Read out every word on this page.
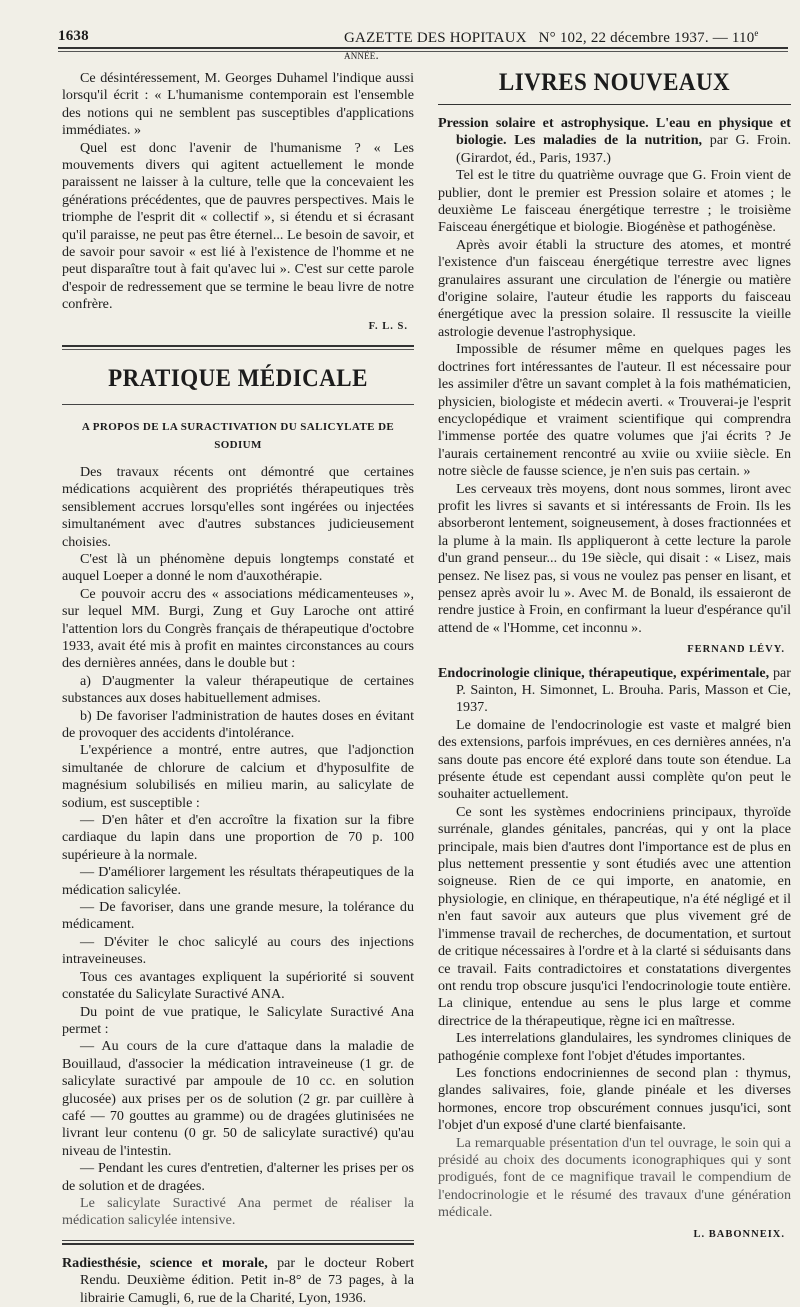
1638	GAZETTE DES HOPITAUX N° 102, 22 décembre 1937. — 110e année.

Ce désintéressement, M. Georges Duhamel l'indique aussi lorsqu'il écrit : « L'humanisme contemporain est l'ensemble des notions qui ne semblent pas susceptibles d'applications immédiates. »

Quel est donc l'avenir de l'humanisme ? « Les mouvements divers qui agitent actuellement le monde paraissent ne laisser à la culture, telle que la concevaient les générations précédentes, que de pauvres perspectives. Mais le triomphe de l'esprit dit « collectif », si étendu et si écrasant qu'il paraisse, ne peut pas être éternel... Le besoin de savoir, et de savoir pour savoir « est lié à l'existence de l'homme et ne peut disparaître tout à fait qu'avec lui ». C'est sur cette parole d'espoir de redressement que se termine le beau livre de notre confrère.

F. L. S.
PRATIQUE MÉDICALE
A PROPOS DE LA SURACTIVATION DU SALICYLATE DE SODIUM

Des travaux récents ont démontré que certaines médications acquièrent des propriétés thérapeutiques très sensiblement accrues lorsqu'elles sont ingérées ou injectées simultanément avec d'autres substances judicieusement choisies.

C'est là un phénomène depuis longtemps constaté et auquel Loeper a donné le nom d'auxothérapie.

Ce pouvoir accru des « associations médicamenteuses », sur lequel MM. Burgi, Zung et Guy Laroche ont attiré l'attention lors du Congrès français de thérapeutique d'octobre 1933, avait été mis à profit en maintes circonstances au cours des dernières années, dans le double but :

a) D'augmenter la valeur thérapeutique de certaines substances aux doses habituellement admises.

b) De favoriser l'administration de hautes doses en évitant de provoquer des accidents d'intolérance.

L'expérience a montré, entre autres, que l'adjonction simultanée de chlorure de calcium et d'hyposulfite de magnésium solubilisés en milieu marin, au salicylate de sodium, est susceptible :

— D'en hâter et d'en accroître la fixation sur la fibre cardiaque du lapin dans une proportion de 70 p. 100 supérieure à la normale.

— D'améliorer largement les résultats thérapeutiques de la médication salicylée.

— De favoriser, dans une grande mesure, la tolérance du médicament.

— D'éviter le choc salicylé au cours des injections intraveineuses.

Tous ces avantages expliquent la supériorité si souvent constatée du Salicylate Suractivé ANA.

Du point de vue pratique, le Salicylate Suractivé Ana permet :

— Au cours de la cure d'attaque dans la maladie de Bouillaud, d'associer la médication intraveineuse (1 gr. de salicylate suractivé par ampoule de 10 cc. en solution glucosée) aux prises per os de solution (2 gr. par cuillère à café — 70 gouttes au gramme) ou de dragées glutinisées ne livrant leur contenu (0 gr. 50 de salicylate suractivé) qu'au niveau de l'intestin.

— Pendant les cures d'entretien, d'alterner les prises per os de solution et de dragées.

Le salicylate Suractivé Ana permet de réaliser la médication salicylée intensive.

Radiesthésie, science et morale, par le docteur Robert Rendu. Deuxième édition. Petit in-8° de 73 pages, à la librairie Camugli, 6, rue de la Charité, Lyon, 1936.

LIVRES NOUVEAUX

Pression solaire et astrophysique. L'eau en physique et biologie. Les maladies de la nutrition, par G. Froin. (Girardot, éd., Paris, 1937.)

Tel est le titre du quatrième ouvrage que G. Froin vient de publier, dont le premier est Pression solaire et atomes ; le deuxième Le faisceau énergétique terrestre ; le troisième Faisceau énergétique et biologie. Biogénèse et pathogénèse.

Après avoir établi la structure des atomes, et montré l'existence d'un faisceau énergétique terrestre avec lignes granulaires assurant une circulation de l'énergie ou matière d'origine solaire, l'auteur étudie les rapports du faisceau énergétique avec la pression solaire. Il ressuscite la vieille astrologie devenue l'astrophysique.

Impossible de résumer même en quelques pages les doctrines fort intéressantes de l'auteur. Il est nécessaire pour les assimiler d'être un savant complet à la fois mathématicien, physicien, biologiste et médecin averti. « Trouverai-je l'esprit encyclopédique et vraiment scientifique qui comprendra l'immense portée des quatre volumes que j'ai écrits ? Je l'aurais certainement rencontré au xviie ou xviiie siècle. En notre siècle de fausse science, je n'en suis pas certain. »

Les cerveaux très moyens, dont nous sommes, liront avec profit les livres si savants et si intéressants de Froin. Ils les absorberont lentement, soigneusement, à doses fractionnées et la plume à la main. Ils appliqueront à cette lecture la parole d'un grand penseur... du 19e siècle, qui disait : « Lisez, mais pensez. Ne lisez pas, si vous ne voulez pas penser en lisant, et pensez après avoir lu ». Avec M. de Bonald, ils essaieront de rendre justice à Froin, en confirmant la lueur d'espérance qu'il attend de « l'Homme, cet inconnu ».

FERNAND LÉVY.

Endocrinologie clinique, thérapeutique, expérimentale, par P. Sainton, H. Simonnet, L. Brouha. Paris, Masson et Cie, 1937.

Le domaine de l'endocrinologie est vaste et malgré bien des extensions, parfois imprévues, en ces dernières années, n'a sans doute pas encore été exploré dans toute son étendue. La présente étude est cependant aussi complète qu'on peut le souhaiter actuellement.

Ce sont les systèmes endocriniens principaux, thyroïde surrénale, glandes génitales, pancréas, qui y ont la place principale, mais bien d'autres dont l'importance est de plus en plus nettement pressentie y sont étudiés avec une attention soigneuse. Rien de ce qui importe, en anatomie, en physiologie, en clinique, en thérapeutique, n'a été négligé et il n'en faut savoir aux auteurs que plus vivement gré de l'immense travail de recherches, de documentation, et surtout de critique nécessaires à l'ordre et à la clarté si séduisants dans ce travail. Faits contradictoires et constatations divergentes ont rendu trop obscure jusqu'ici l'endocrinologie toute entière. La clinique, entendue au sens le plus large et comme directrice de la thérapeutique, règne ici en maîtresse.

Les interrelations glandulaires, les syndromes cliniques de pathogénie complexe font l'objet d'études importantes.

Les fonctions endocriniennes de second plan : thymus, glandes salivaires, foie, glande pinéale et les diverses hormones, encore trop obscurément connues jusqu'ici, sont l'objet d'un exposé d'une clarté bienfaisante.

La remarquable présentation d'un tel ouvrage, le soin qui a présidé au choix des documents iconographiques qui y sont prodigués, font de ce magnifique travail le compendium de l'endocrinologie et le résumé des travaux d'une génération médicale.

L. BABONNEIX.
